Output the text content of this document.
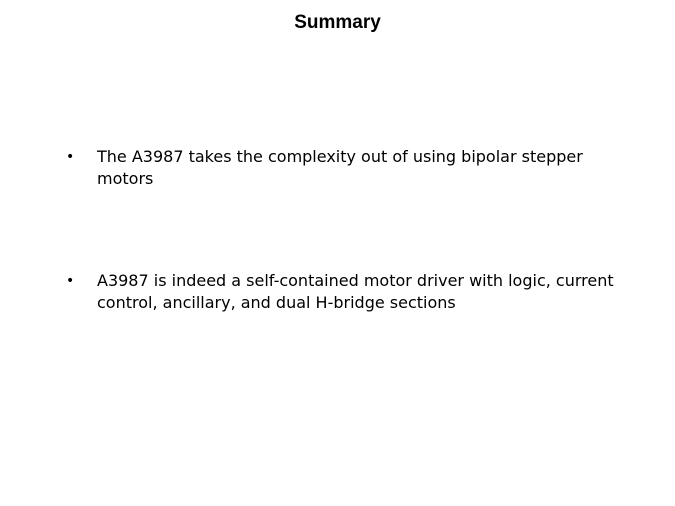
Summary
• The A3987 takes the complexity out of using bipolar stepper motors
• A3987 is indeed a self-contained motor driver with logic, current control, ancillary, and dual H-bridge sections
